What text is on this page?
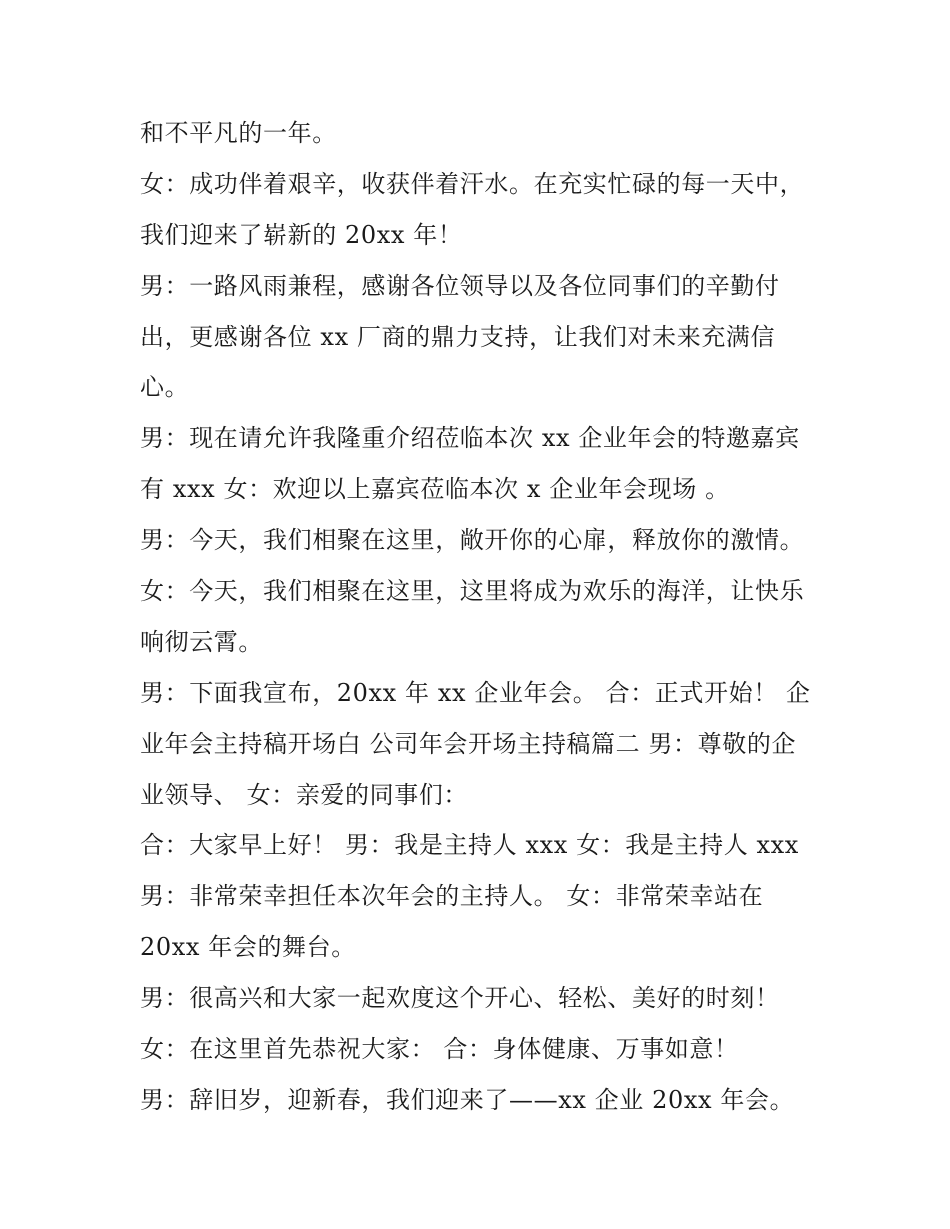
和不平凡的一年。
女：成功伴着艰辛，收获伴着汗水。在充实忙碌的每一天中，
我们迎来了崭新的 20xx 年！
男：一路风雨兼程，感谢各位领导以及各位同事们的辛勤付
出，更感谢各位 xx 厂商的鼎力支持，让我们对未来充满信
心。
男：现在请允许我隆重介绍莅临本次 xx 企业年会的特邀嘉宾
有 xxx 女：欢迎以上嘉宾莅临本次 x 企业年会现场 。
男：今天，我们相聚在这里，敞开你的心扉，释放你的激情。
女：今天，我们相聚在这里，这里将成为欢乐的海洋，让快乐
响彻云霄。
男：下面我宣布，20xx 年 xx 企业年会。 合：正式开始！ 企
业年会主持稿开场白 公司年会开场主持稿篇二 男：尊敬的企
业领导、 女：亲爱的同事们：
合：大家早上好！ 男：我是主持人 xxx 女：我是主持人 xxx
男：非常荣幸担任本次年会的主持人。 女：非常荣幸站在
20xx 年会的舞台。
男：很高兴和大家一起欢度这个开心、轻松、美好的时刻！
女：在这里首先恭祝大家： 合：身体健康、万事如意！
男：辞旧岁，迎新春，我们迎来了——xx 企业 20xx 年会。
